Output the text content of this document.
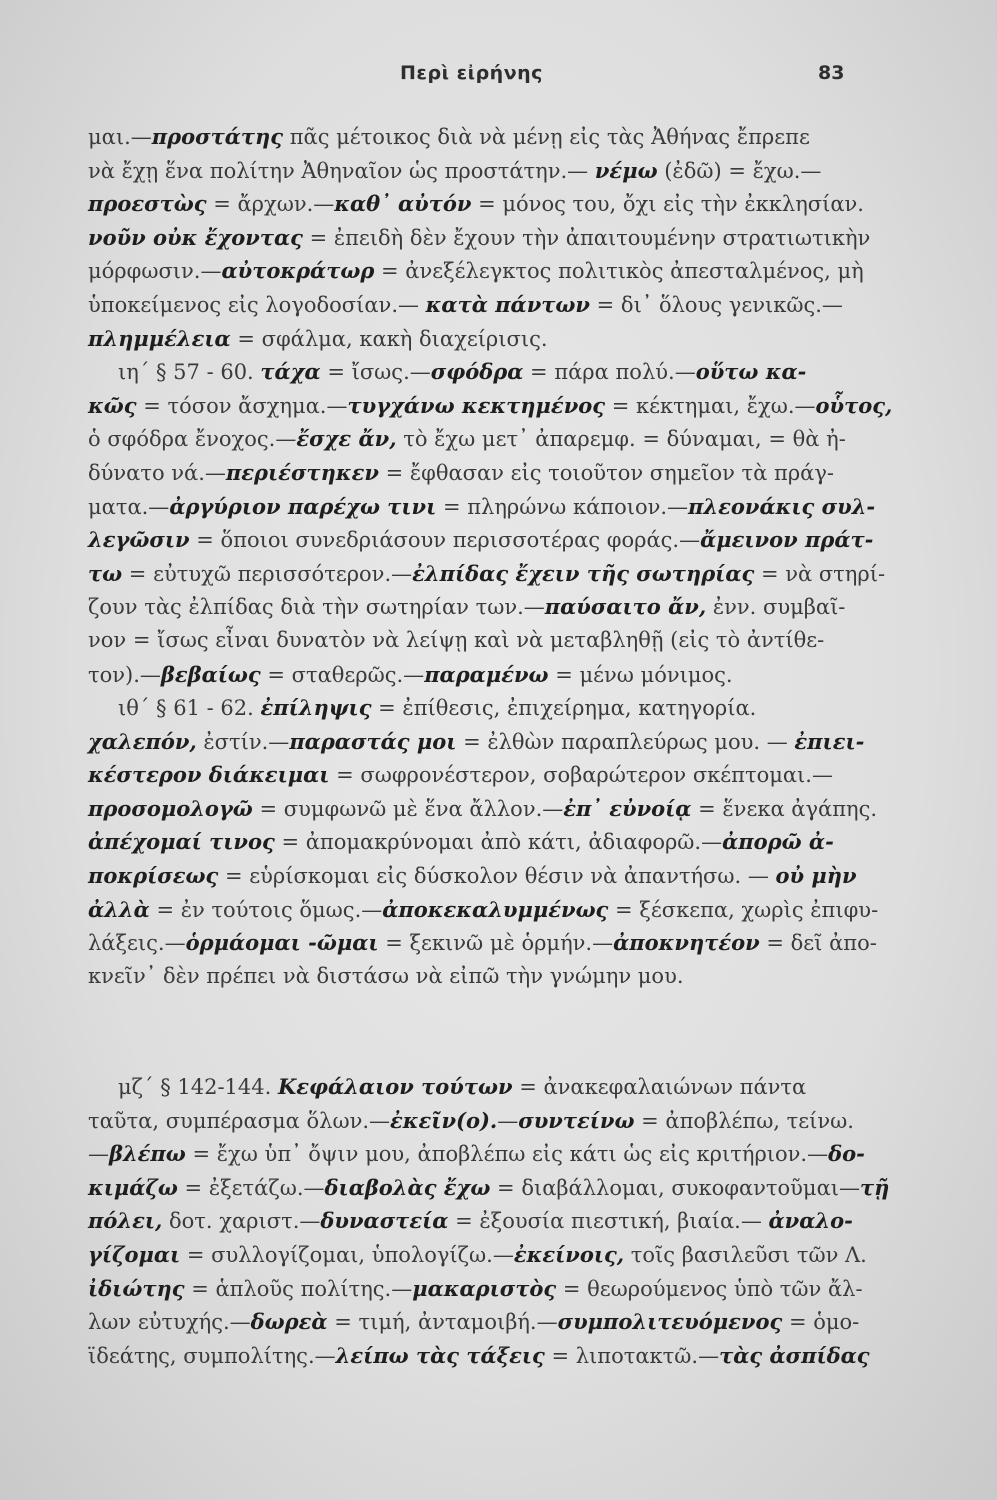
Περὶ εἰρήνης	83
μαι.—προστάτης πᾶς μέτοικος διὰ νὰ μένῃ εἰς τὰς Ἀθήνας ἔπρεπε
νὰ ἔχῃ ἕνα πολίτην Ἀθηναῖον ὡς προστάτην.— νέμω (ἐδῶ) = ἔχω.—
προεστὼς = ἄρχων.—καθ᾽ αὐτόν = μόνος του, ὄχι εἰς τὴν ἐκκλησίαν.
νοῦν οὐκ ἔχοντας = ἐπειδὴ δὲν ἔχουν τὴν ἀπαιτουμένην στρατιωτικὴν
μόρφωσιν.—αὐτοκράτωρ = ἀνεξέλεγκτος πολιτικὸς ἀπεσταλμένος, μὴ
ὑποκείμενος εἰς λογοδοσίαν.— κατὰ πάντων = δι᾽ ὅλους γενικῶς.—
πλημμέλεια = σφάλμα, κακὴ διαχείρισις.
ιη´ § 57 - 60. τάχα = ἴσως.—σφόδρα = πάρα πολύ.—οὕτω κα-
κῶς = τόσον ἄσχημα.—τυγχάνω κεκτημένος = κέκτημαι, ἔχω.—οὗτος,
ὁ σφόδρα ἔνοχος.—ἔσχε ἄν, τὸ ἔχω μετ᾽ ἀπαρεμφ. = δύναμαι, = θὰ ἠ-
δύνατο νά.—περιέστηκεν = ἔφθασαν εἰς τοιοῦτον σημεῖον τὰ πράγ-
ματα.—ἀργύριον παρέχω τινι = πληρώνω κάποιον.—πλεονάκις συλ-
λεγῶσιν = ὅποιοι συνεδριάσουν περισσοτέρας φοράς.—ἄμεινον πράτ-
τω = εὐτυχῶ περισσότερον.—ἐλπίδας ἔχειν τῆς σωτηρίας = νὰ στηρί-
ζουν τὰς ἐλπίδας διὰ τὴν σωτηρίαν των.—παύσαιτο ἄν, ἐνν. συμβαῖ-
νον = ἴσως εἶναι δυνατὸν νὰ λείψῃ καὶ νὰ μεταβληθῇ (εἰς τὸ ἀντίθε-
τον).—βεβαίως = σταθερῶς.—παραμένω = μένω μόνιμος.
ιθ´ § 61 - 62. ἐπίληψις = ἐπίθεσις, ἐπιχείρημα, κατηγορία.
χαλεπόν, ἐστίν.—παραστάς μοι = ἐλθὼν παραπλεύρως μου. — ἐπιει-
κέστερον διάκειμαι = σωφρονέστερον, σοβαρώτερον σκέπτομαι.—
προσομολογῶ = συμφωνῶ μὲ ἕνα ἄλλον.—ἐπ᾽ εὐνοίᾳ = ἕνεκα ἀγάπης.
ἀπέχομαί τινος = ἀπομακρύνομαι ἀπὸ κάτι, ἀδιαφορῶ.—ἀπορῶ ἀ-
ποκρίσεως = εὑρίσκομαι εἰς δύσκολον θέσιν νὰ ἀπαντήσω. — οὐ μὴν
ἀλλὰ = ἐν τούτοις ὅμως.—ἀποκεκαλυμμένως = ξέσκεπα, χωρὶς ἐπιφυ-
λάξεις.—ὁρμάομαι -ῶμαι = ξεκινῶ μὲ ὁρμήν.—ἀποκνητέον = δεῖ ἀπο-
κνεῖν᾽ δὲν πρέπει νὰ διστάσω νὰ εἰπῶ τὴν γνώμην μου.
μζ´ § 142-144. Κεφάλαιον τούτων = ἀνακεφαλαιώνων πάντα
ταῦτα, συμπέρασμα ὅλων.—ἐκεῖν(ο).—συντείνω = ἀποβλέπω, τείνω.
—βλέπω = ἔχω ὑπ᾽ ὄψιν μου, ἀποβλέπω εἰς κάτι ὡς εἰς κριτήριον.—δο-
κιμάζω = ἐξετάζω.—διαβολὰς ἔχω = διαβάλλομαι, συκοφαντοῦμαι—τῇ
πόλει, δοτ. χαριστ.—δυναστεία = ἐξουσία πιεστική, βιαία.— ἀναλο-
γίζομαι = συλλογίζομαι, ὑπολογίζω.—ἐκείνοις, τοῖς βασιλεῦσι τῶν Λ.
ἰδιώτης = ἁπλοῦς πολίτης.—μακαριστὸς = θεωρούμενος ὑπὸ τῶν ἄλ-
λων εὐτυχής.—δωρεὰ = τιμή, ἀνταμοιβή.—συμπολιτευόμενος = ὁμο-
ϊδεάτης, συμπολίτης.—λείπω τὰς τάξεις = λιποτακτῶ.—τὰς ἀσπίδας
